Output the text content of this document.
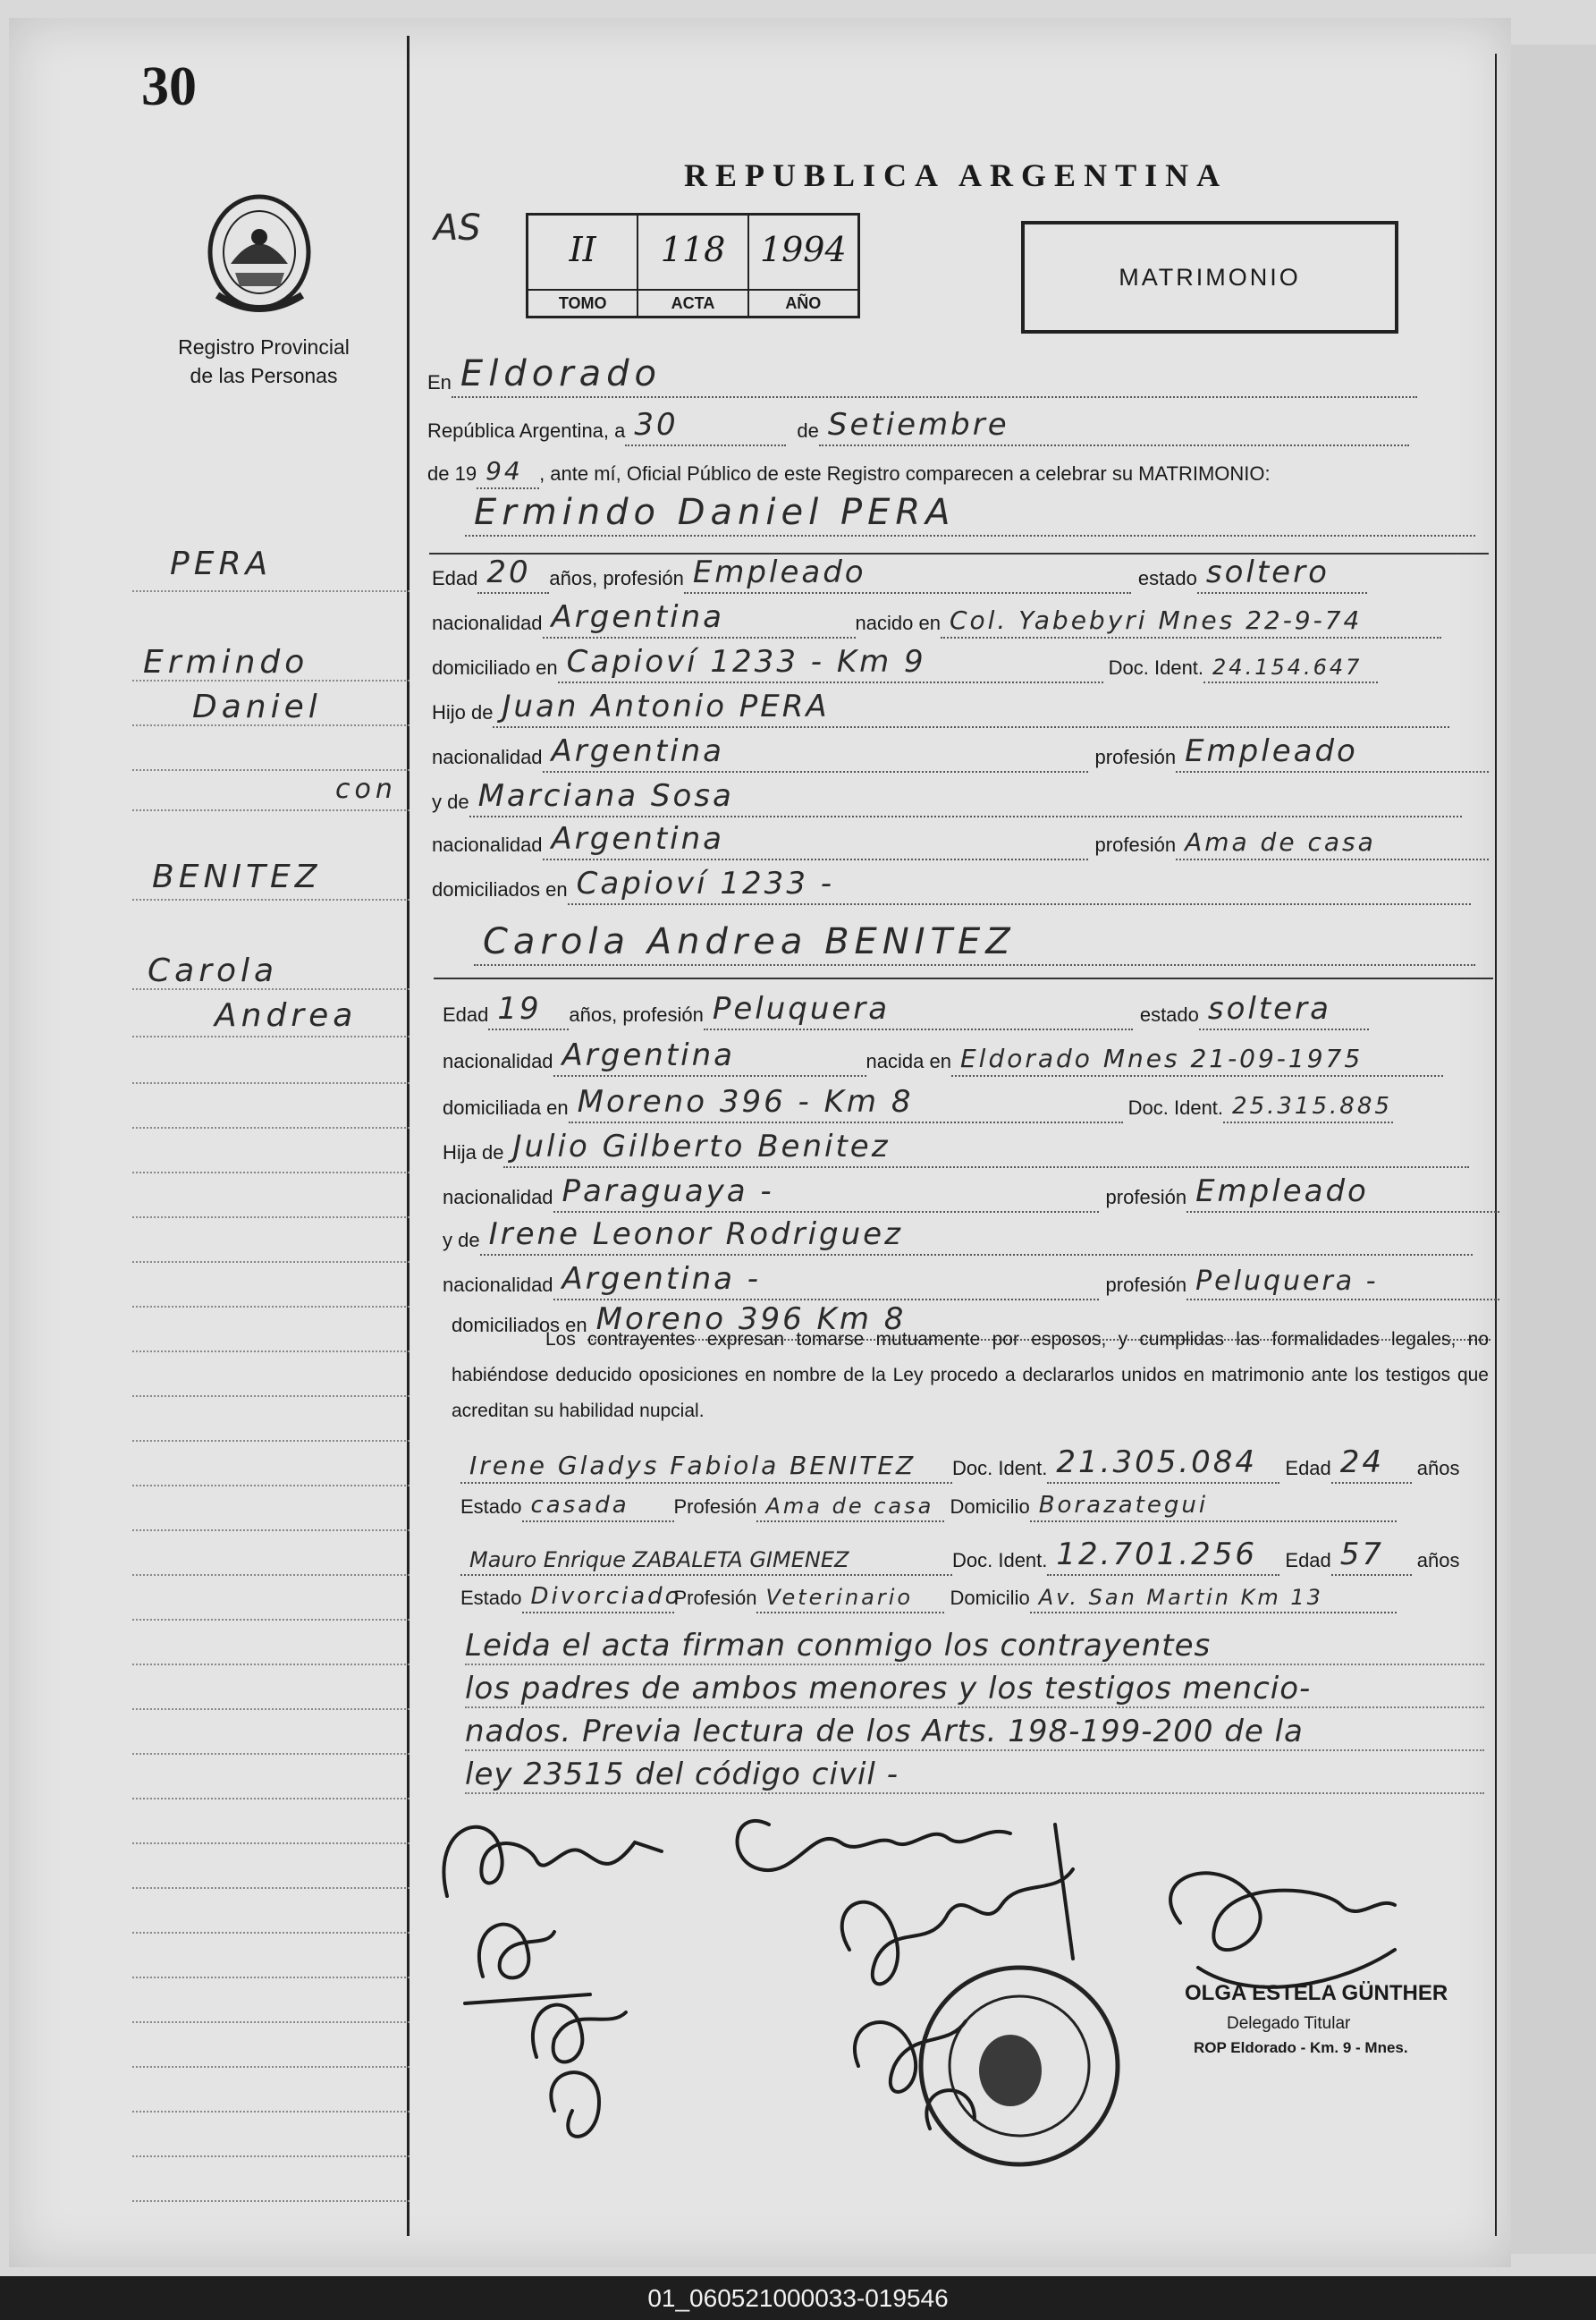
30
Registro Provincial
de las Personas
REPUBLICA ARGENTINA
AS
II
TOMO
118
ACTA
1994
AÑO
MATRIMONIO
En Eldorado
República Argentina, a 30	de Setiembre
de 19 94 , ante mí, Oficial Público de este Registro comparecen a celebrar su MATRIMONIO:
Ermindo Daniel PERA
Edad 20 años, profesión Empleado	estado soltero
nacionalidad Argentina	nacido en Col. Yabebyri Mnes 22-9-74
domiciliado en Capioví 1233 - Km 9	Doc. Ident. 24.154.647
Hijo de Juan Antonio PERA
nacionalidad Argentina	profesión Empleado
y de Marciana Sosa
nacionalidad Argentina	profesión Ama de casa
domiciliados en Capioví 1233 -
Carola Andrea BENITEZ
Edad 19	años, profesión Peluquera	estado soltera
nacionalidad Argentina	nacida en Eldorado Mnes 21-09-1975
domiciliada en Moreno 396 - Km 8	Doc. Ident. 25.315.885
Hija de Julio Gilberto Benitez
nacionalidad Paraguaya -	profesión Empleado
y de Irene Leonor Rodriguez
nacionalidad Argentina -	profesión Peluquera -
domiciliados en Moreno 396 Km 8
Los contrayentes expresan tomarse mutuamente por esposos, y cumplidas las formalidades legales, no habiéndose deducido oposiciones en nombre de la Ley procedo a declararlos unidos en matrimonio ante los testigos que acreditan su habilidad nupcial.
Irene Gladys Fabiola BENITEZ	Doc. Ident. 21.305.084	Edad 24	años
Estado casada	Profesión Ama de casa Domicilio Borazategui
Mauro Enrique ZABALETA GIMENEZ	Doc. Ident. 12.701.256	Edad 57	años
Estado Divorciado
Profesión Veterinario	Domicilio Av. San Martin Km 13
Leida el acta firman conmigo los contrayentes
los padres de ambos menores y los testigos mencio-
nados. Previa lectura de los Arts. 198-199-200 de la
ley 23515 del código civil -
PERA
Ermindo
Daniel
con
BENITEZ
Carola
Andrea
OLGA ESTELA GÜNTHER
Delegado Titular
ROP Eldorado - Km. 9 - Mnes.
01_060521000033-019546
